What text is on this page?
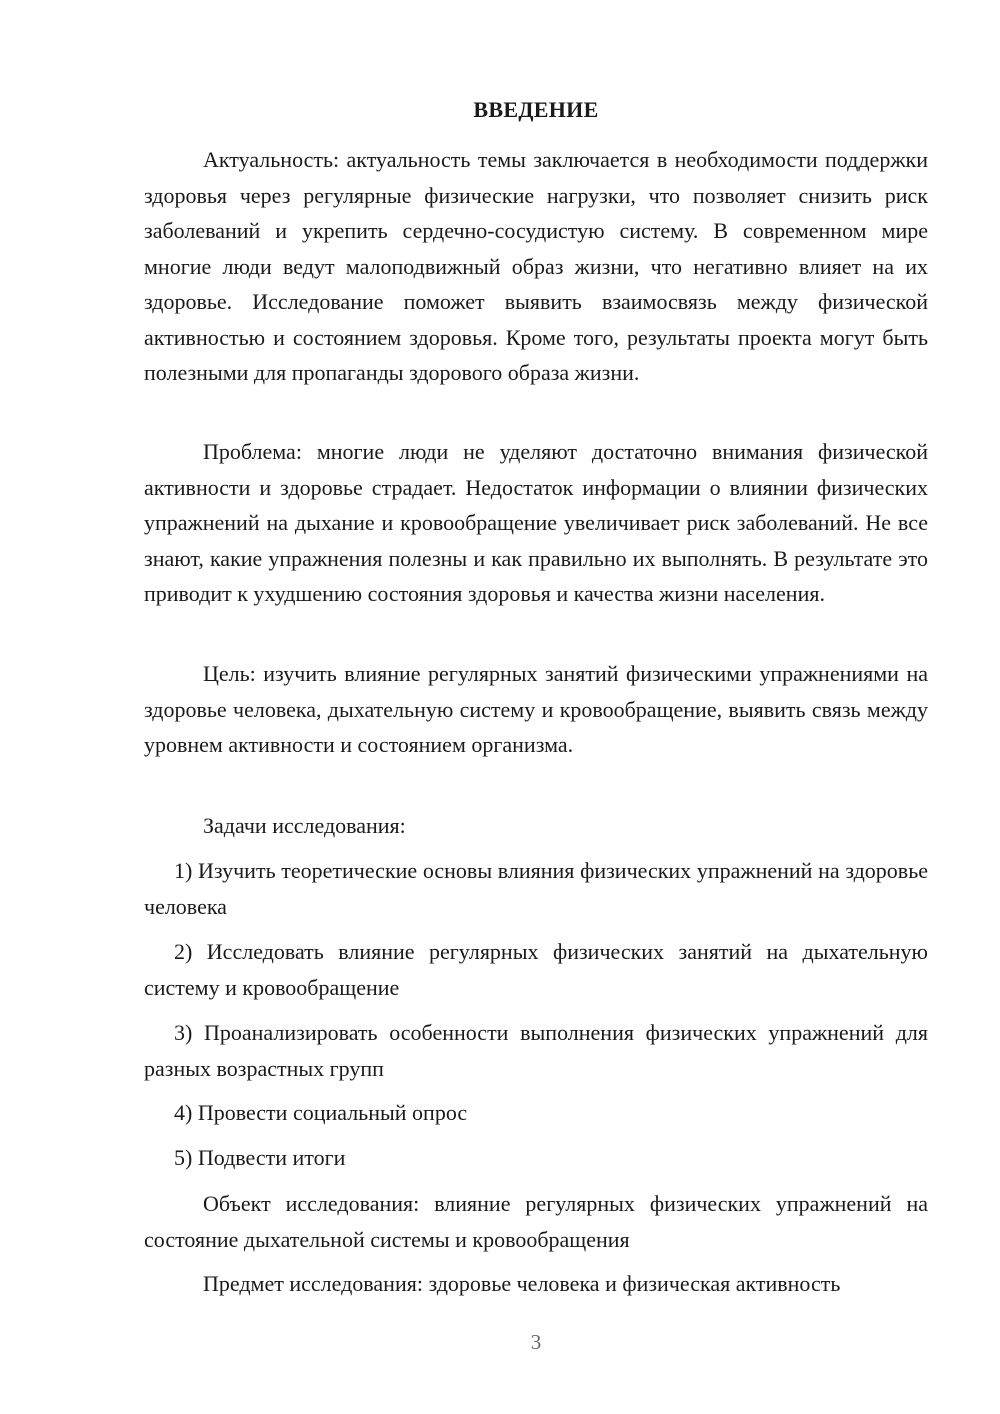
ВВЕДЕНИЕ

Актуальность: актуальность темы заключается в необходимости поддержки здоровья через регулярные физические нагрузки, что позволяет снизить риск заболеваний и укрепить сердечно-сосудистую систему. В современном мире многие люди ведут малоподвижный образ жизни, что негативно влияет на их здоровье. Исследование поможет выявить взаимосвязь между физической активностью и состоянием здоровья. Кроме того, результаты проекта могут быть полезными для пропаганды здорового образа жизни.

Проблема: многие люди не уделяют достаточно внимания физической активности и здоровье страдает. Недостаток информации о влиянии физических упражнений на дыхание и кровообращение увеличивает риск заболеваний. Не все знают, какие упражнения полезны и как правильно их выполнять. В результате это приводит к ухудшению состояния здоровья и качества жизни населения.

Цель: изучить влияние регулярных занятий физическими упражнениями на здоровье человека, дыхательную систему и кровообращение, выявить связь между уровнем активности и состоянием организма.

Задачи исследования:

1) Изучить теоретические основы влияния физических упражнений на здоровье человека

2) Исследовать влияние регулярных физических занятий на дыхательную систему и кровообращение

3) Проанализировать особенности выполнения физических упражнений для разных возрастных групп

4) Провести социальный опрос

5) Подвести итоги

Объект исследования: влияние регулярных физических упражнений на состояние дыхательной системы и кровообращения

Предмет исследования: здоровье человека и физическая активность

3
